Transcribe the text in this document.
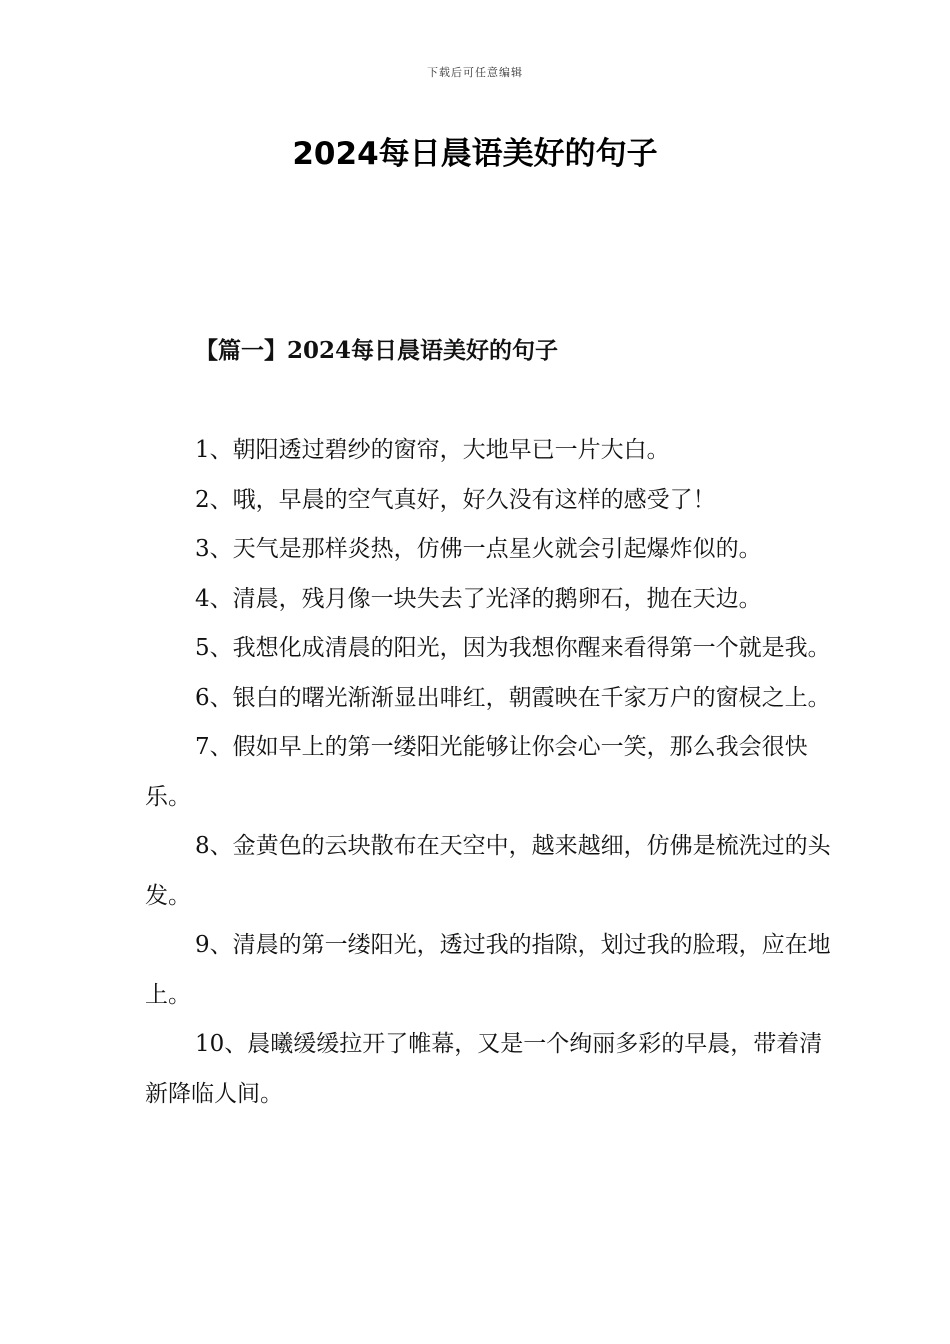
下载后可任意编辑
2024每日晨语美好的句子
【篇一】2024每日晨语美好的句子

1、朝阳透过碧纱的窗帘，大地早已一片大白。

2、哦，早晨的空气真好，好久没有这样的感受了！

3、天气是那样炎热，仿佛一点星火就会引起爆炸似的。

4、清晨，残月像一块失去了光泽的鹅卵石，抛在天边。

5、我想化成清晨的阳光，因为我想你醒来看得第一个就是我。

6、银白的曙光渐渐显出啡红，朝霞映在千家万户的窗棂之上。

7、假如早上的第一缕阳光能够让你会心一笑，那么我会很快乐。

8、金黄色的云块散布在天空中，越来越细，仿佛是梳洗过的头发。

9、清晨的第一缕阳光，透过我的指隙，划过我的脸瑕，应在地上。

10、晨曦缓缓拉开了帷幕，又是一个绚丽多彩的早晨，带着清新降临人间。
